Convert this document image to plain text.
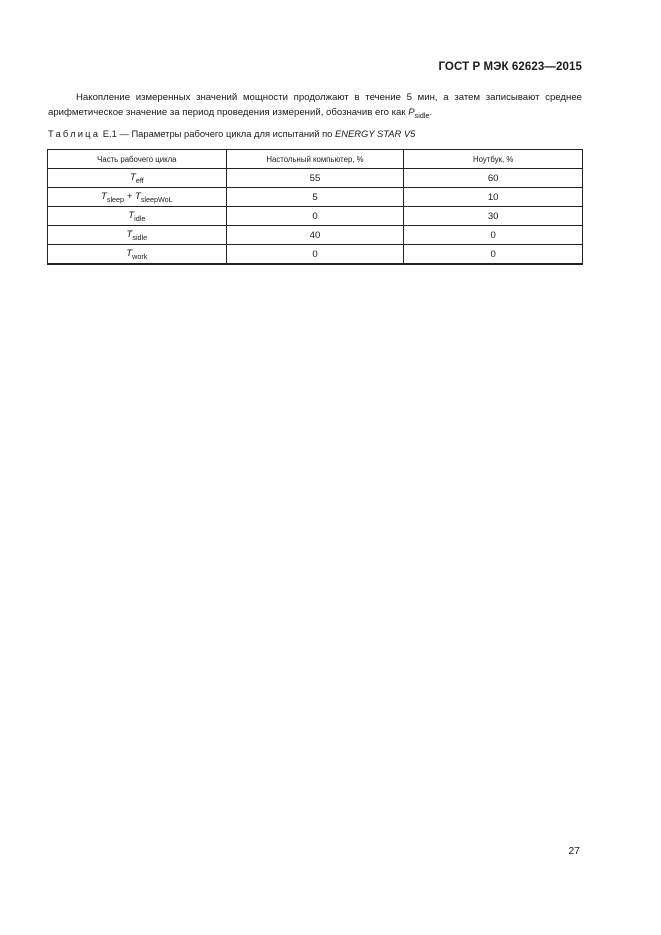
ГОСТ Р МЭК 62623—2015
Накопление измеренных значений мощности продолжают в течение 5 мин, а затем записывают среднее арифметическое значение за период проведения измерений, обозначив его как $P_{sidle}$.
Таблица Е.1 — Параметры рабочего цикла для испытаний по ENERGY STAR V5
Часть рабочего цикла	Настольный компьютер, %	Ноутбук, %
$T_{eff}$	55	60
$T_{sleep} + T_{sleepWoL}$	5	10
$T_{idle}$	0	30
$T_{sidle}$	40	0
$T_{work}$	0	0
27
